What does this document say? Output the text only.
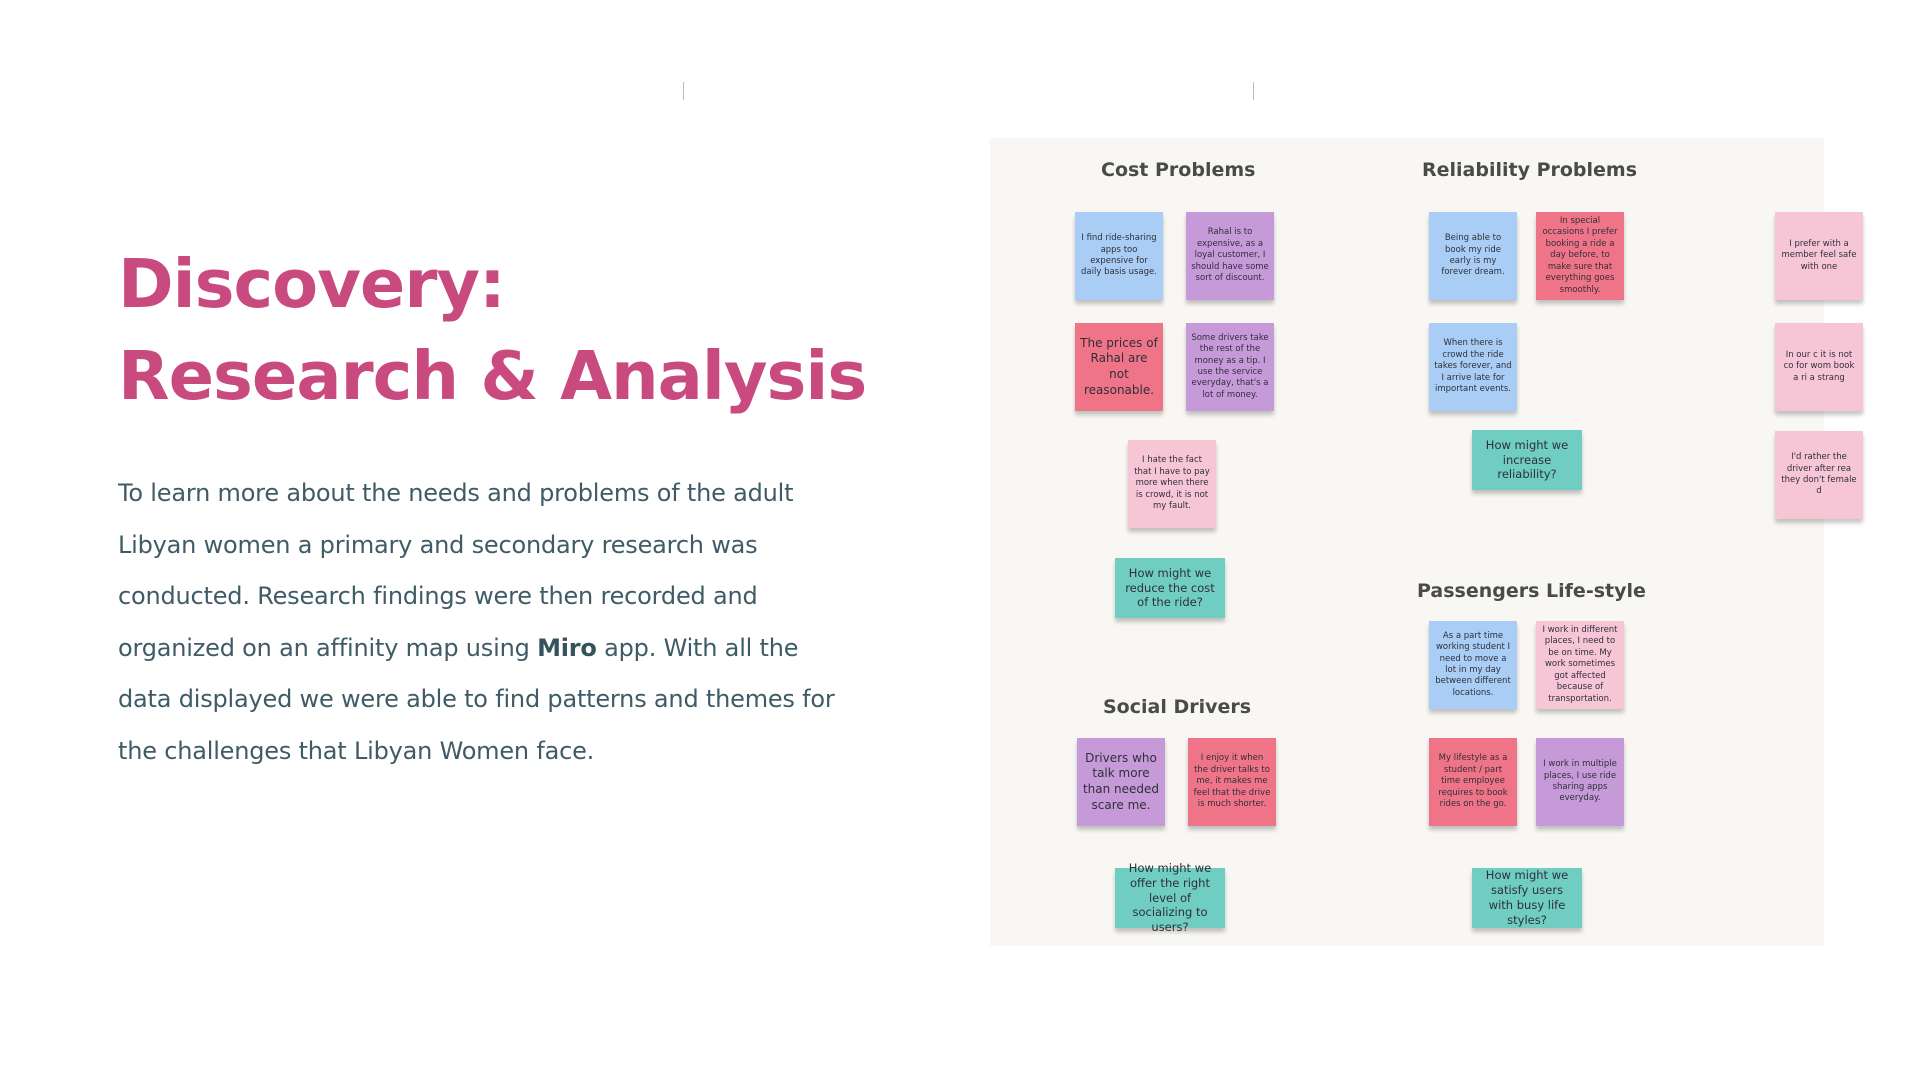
Discovery:
Research & Analysis

To learn more about the needs and problems of the adult Libyan women a primary and secondary research was conducted. Research findings were then recorded and organized on an affinity map using Miro app. With all the data displayed we were able to find patterns and themes for the challenges that Libyan Women face.

Cost Problems
I find ride-sharing apps too expensive for daily basis usage.
Rahal is to expensive, as a loyal customer, I should have some sort of discount.
The prices of Rahal are not reasonable.
Some drivers take the rest of the money as a tip. I use the service everyday, that's a lot of money.
I hate the fact that I have to pay more when there is crowd, it is not my fault.
How might we reduce the cost of the ride?
Reliability Problems
Being able to book my ride early is my forever dream.
In special occasions I prefer booking a ride a day before, to make sure that everything goes smoothly.
When there is crowd the ride takes forever, and I arrive late for important events.
How might we increase reliability?
Passengers Life-style
As a part time working student I need to move a lot in my day between different locations.
I work in different places, I need to be on time. My work sometimes got affected because of transportation.
My lifestyle as a student / part time employee requires to book rides on the go.
I work in multiple places, I use ride sharing apps everyday.
How might we satisfy users with busy life styles?
Social Drivers
Drivers who talk more than needed scare me.
I enjoy it when the driver talks to me, it makes me feel that the drive is much shorter.
How might we offer the right level of socializing to users?
I prefer with a member feel safe with one
In our c it is not co for wom book a ri a strang
I'd rather the driver after rea they don't female d
